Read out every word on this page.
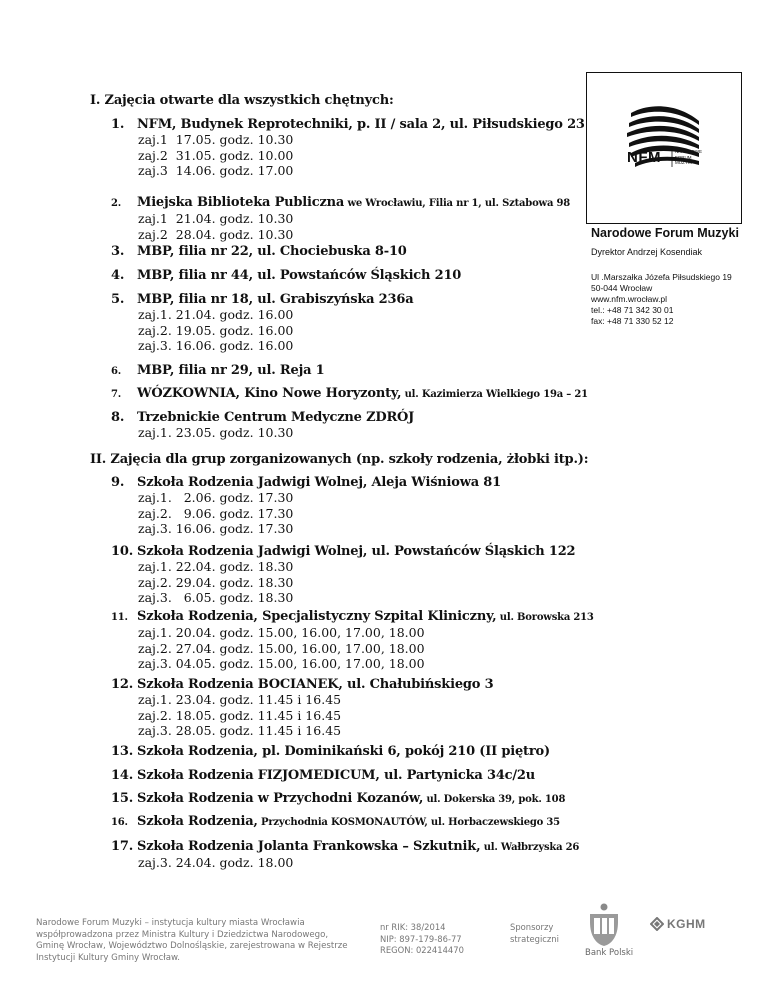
NFM	NARODOWE
FORUM
MUZYKI
Narodowe Forum Muzyki
Dyrektor Andrzej Kosendiak
Ul .Marszałka Józefa Piłsudskiego 19
50-044 Wrocław
www.nfm.wrocław.pl
tel.: +48 71 342 30 01
fax: +48 71 330 52 12
I. Zajęcia otwarte dla wszystkich chętnych:
1. NFM, Budynek Reprotechniki, p. II / sala 2, ul. Piłsudskiego 23
zaj.1  17.05. godz. 10.30
zaj.2  31.05. godz. 10.00
zaj.3  14.06. godz. 17.00
2. Miejska Biblioteka Publiczna we Wrocławiu, Filia nr 1, ul. Sztabowa 98
zaj.1  21.04. godz. 10.30
zaj.2  28.04. godz. 10.30
3. MBP, filia nr 22, ul. Chociebuska 8-10
4. MBP, filia nr 44, ul. Powstańców Śląskich 210
5. MBP, filia nr 18, ul. Grabiszyńska 236a
zaj.1. 21.04. godz. 16.00
zaj.2. 19.05. godz. 16.00
zaj.3. 16.06. godz. 16.00
6. MBP, filia nr 29, ul. Reja 1
7. WÓZKOWNIA, Kino Nowe Horyzonty, ul. Kazimierza Wielkiego 19a – 21
8. Trzebnickie Centrum Medyczne ZDRÓJ
zaj.1. 23.05. godz. 10.30
II. Zajęcia dla grup zorganizowanych (np. szkoły rodzenia, żłobki itp.):
9. Szkoła Rodzenia Jadwigi Wolnej, Aleja Wiśniowa 81
zaj.1.   2.06. godz. 17.30
zaj.2.   9.06. godz. 17.30
zaj.3. 16.06. godz. 17.30
10. Szkoła Rodzenia Jadwigi Wolnej, ul. Powstańców Śląskich 122
zaj.1. 22.04. godz. 18.30
zaj.2. 29.04. godz. 18.30
zaj.3.   6.05. godz. 18.30
11. Szkoła Rodzenia, Specjalistyczny Szpital Kliniczny, ul. Borowska 213
zaj.1. 20.04. godz. 15.00, 16.00, 17.00, 18.00
zaj.2. 27.04. godz. 15.00, 16.00, 17.00, 18.00
zaj.3. 04.05. godz. 15.00, 16.00, 17.00, 18.00
12. Szkoła Rodzenia BOCIANEK, ul. Chałubińskiego 3
zaj.1. 23.04. godz. 11.45 i 16.45
zaj.2. 18.05. godz. 11.45 i 16.45
zaj.3. 28.05. godz. 11.45 i 16.45
13. Szkoła Rodzenia, pl. Dominikański 6, pokój 210 (II piętro)
14. Szkoła Rodzenia FIZJOMEDICUM, ul. Partynicka 34c/2u
15. Szkoła Rodzenia w Przychodni Kozanów, ul. Dokerska 39, pok. 108
16. Szkoła Rodzenia, Przychodnia KOSMONAUTÓW, ul. Horbaczewskiego 35
17. Szkoła Rodzenia Jolanta Frankowska – Szkutnik, ul. Wałbrzyska 26
zaj.3. 24.04. godz. 18.00
Narodowe Forum Muzyki – instytucja kultury miasta Wrocławia
współprowadzona przez Ministra Kultury i Dziedzictwa Narodowego,
Gminę Wrocław, Województwo Dolnośląskie, zarejestrowana w Rejestrze
Instytucji Kultury Gminy Wrocław.
nr RIK: 38/2014
NIP: 897-179-86-77
REGON: 022414470
Sponsorzy
strategiczni
Bank Polski
KGHM
